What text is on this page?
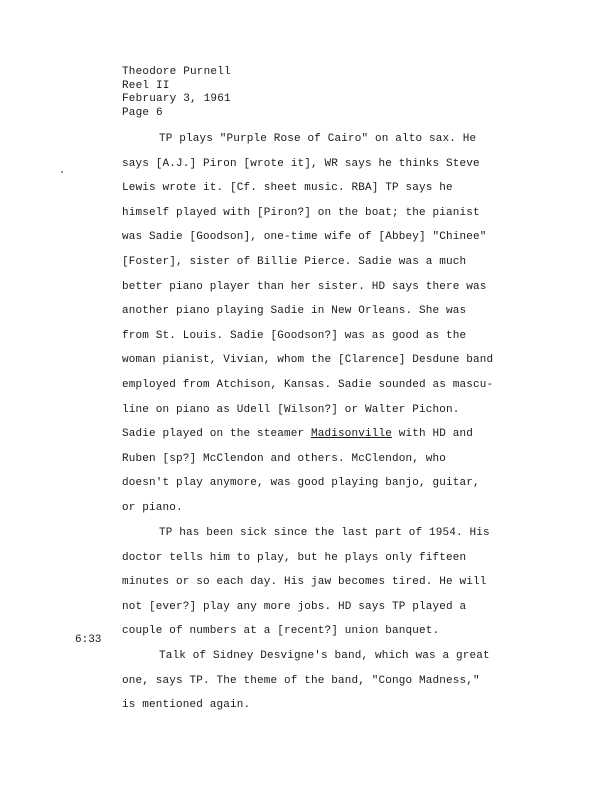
Theodore Purnell
Reel II
February 3, 1961
Page 6
6:33
TP plays "Purple Rose of Cairo" on alto sax. He
says [A.J.] Piron [wrote it], WR says he thinks Steve
Lewis wrote it. [Cf. sheet music. RBA] TP says he
himself played with [Piron?] on the boat; the pianist
was Sadie [Goodson], one-time wife of [Abbey] "Chinee"
[Foster], sister of Billie Pierce. Sadie was a much
better piano player than her sister. HD says there was
another piano playing Sadie in New Orleans. She was
from St. Louis. Sadie [Goodson?] was as good as the
woman pianist, Vivian, whom the [Clarence] Desdune band
employed from Atchison, Kansas. Sadie sounded as mascu-
line on piano as Udell [Wilson?] or Walter Pichon.
Sadie played on the steamer Madisonville with HD and
Ruben [sp?] McClendon and others. McClendon, who
doesn't play anymore, was good playing banjo, guitar,
or piano.
TP has been sick since the last part of 1954. His
doctor tells him to play, but he plays only fifteen
minutes or so each day. His jaw becomes tired. He will
not [ever?] play any more jobs. HD says TP played a
couple of numbers at a [recent?] union banquet.
Talk of Sidney Desvigne's band, which was a great
one, says TP. The theme of the band, "Congo Madness,"
is mentioned again.
